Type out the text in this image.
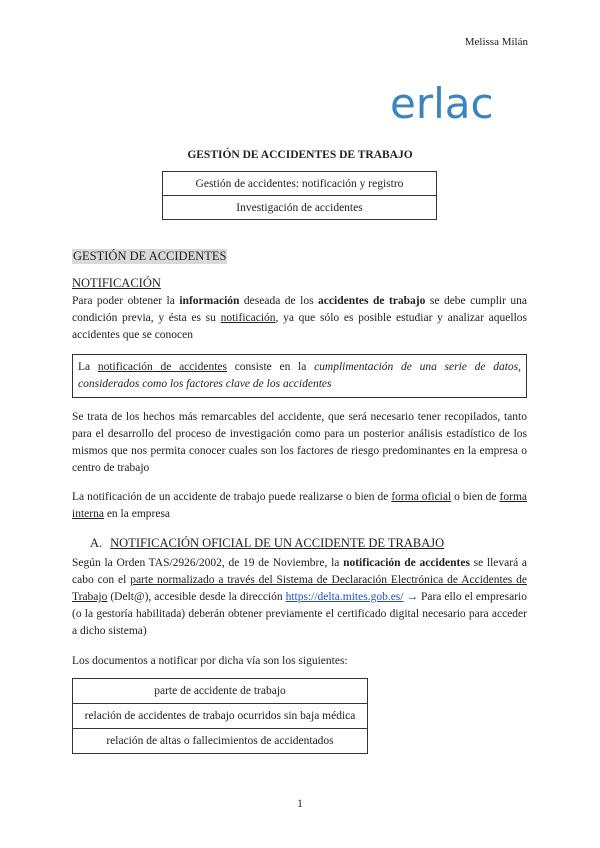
Melissa Milán
erlac
GESTIÓN DE ACCIDENTES DE TRABAJO
Gestión de accidentes: notificación y registro
Investigación de accidentes
GESTIÓN DE ACCIDENTES
NOTIFICACIÓN
Para poder obtener la información deseada de los accidentes de trabajo se debe cumplir una condición previa, y ésta es su notificación, ya que sólo es posible estudiar y analizar aquellos accidentes que se conocen
La notificación de accidentes consiste en la cumplimentación de una serie de datos, considerados como los factores clave de los accidentes
Se trata de los hechos más remarcables del accidente, que será necesario tener recopilados, tanto para el desarrollo del proceso de investigación como para un posterior análisis estadístico de los mismos que nos permita conocer cuales son los factores de riesgo predominantes en la empresa o centro de trabajo
La notificación de un accidente de trabajo puede realizarse o bien de forma oficial o bien de forma interna en la empresa
A. NOTIFICACIÓN OFICIAL DE UN ACCIDENTE DE TRABAJO
Según la Orden TAS/2926/2002, de 19 de Noviembre, la notificación de accidentes se llevará a cabo con el parte normalizado a través del Sistema de Declaración Electrónica de Accidentes de Trabajo (Delt@), accesible desde la dirección https://delta.mites.gob.es/ → Para ello el empresario (o la gestoría habilitada) deberán obtener previamente el certificado digital necesario para acceder a dicho sistema)
Los documentos a notificar por dicha vía son los siguientes:
parte de accidente de trabajo
relación de accidentes de trabajo ocurridos sin baja médica
relación de altas o fallecimientos de accidentados
1
